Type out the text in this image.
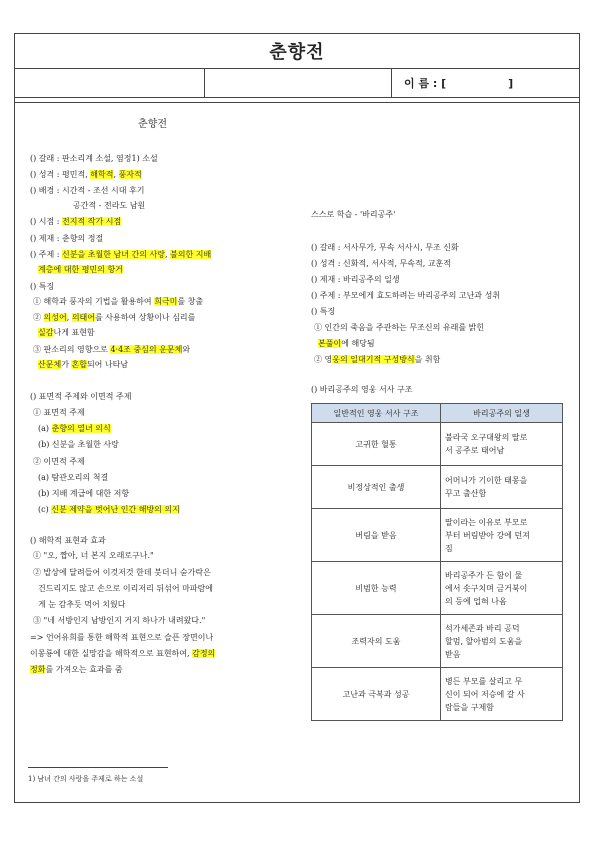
춘향전
이 름 : [	]
춘향전
() 갈래 : 판소리계 소설, 염정1) 소설
() 성격 : 평민적, 해학적, 풍자적
() 배경 : 시간적 - 조선 시대 후기
공간적 - 전라도 남원
() 시점 : 전지적 작가 시점
() 제재 : 춘향의 정절
() 주제 : 신분을 초월한 남녀 간의 사랑, 불의한 지배
계층에 대한 평민의 항거
() 특징
① 해학과 풍자의 기법을 활용하여 희극미를 창출
② 의성어, 의태어를 사용하여 상황이나 심리를
실감나게 표현함
③ 판소리의 영향으로 4·4조 중심의 운문체와
산문체가 혼합되어 나타남
() 표면적 주제와 이면적 주제
① 표면적 주제
(a) 춘향의 열녀 의식
(b) 신분을 초월한 사랑
② 이면적 주제
(a) 탐관오리의 척결
(b) 지배 계급에 대한 저항
(c) 신분 제약을 벗어난 인간 해방의 의지
() 해학적 표현과 효과
① "오, 짭아, 너 본지 오래로구나."
② 밥상에 달려들어 이것저것 한데 붓더니 숟가락은
건드리지도 않고 손으로 이리저리 뒤섞어 마파람에
게 눈 감추듯 먹어 치웠다
③ "네 서방인지 남방인지 거지 하나가 내려왔다."
=> 언어유희를 통한 해학적 표현으로 슬픈 장면이나
이몽룡에 대한 실망감을 해학적으로 표현하여, 감정의
정화를 가져오는 효과를 줌
스스로 학습 - '바리공주'
() 갈래 : 서사무가, 무속 서사시, 무조 신화
() 성격 : 신화적, 서사적, 무속적, 교훈적
() 제재 : 바리공주의 일생
() 주제 : 부모에게 효도하려는 바리공주의 고난과 성취
() 특징
① 인간의 죽음을 주관하는 무조신의 유래를 밝힌
본풀이에 해당됨
② 영웅의 일대기적 구성방식을 취함
() 바리공주의 영웅 서사 구조
일반적인 영웅 서사 구조	바리공주의 일생
고귀한 혈통	불라국 오구대왕의 딸로
서 공주로 태어남

비정상적인 출생	어머니가 기이한 태몽을
꾸고 출산함

버림을 받음	딸이라는 이유로 부모로
부터 버림받아 강에 던져
짐

비범한 능력	바리공주가 든 함이 물
에서 솟구치며 금거북이
의 등에 업혀 나옴

조력자의 도움	석가세존과 바리 공덕
할멈, 할아범의 도움을
받음

고난과 극복과 성공	병든 부모를 살리고 무
신이 되어 저승에 갈 사
람들을 구제함
1) 남녀 간의 사랑을 주제로 하는 소설
